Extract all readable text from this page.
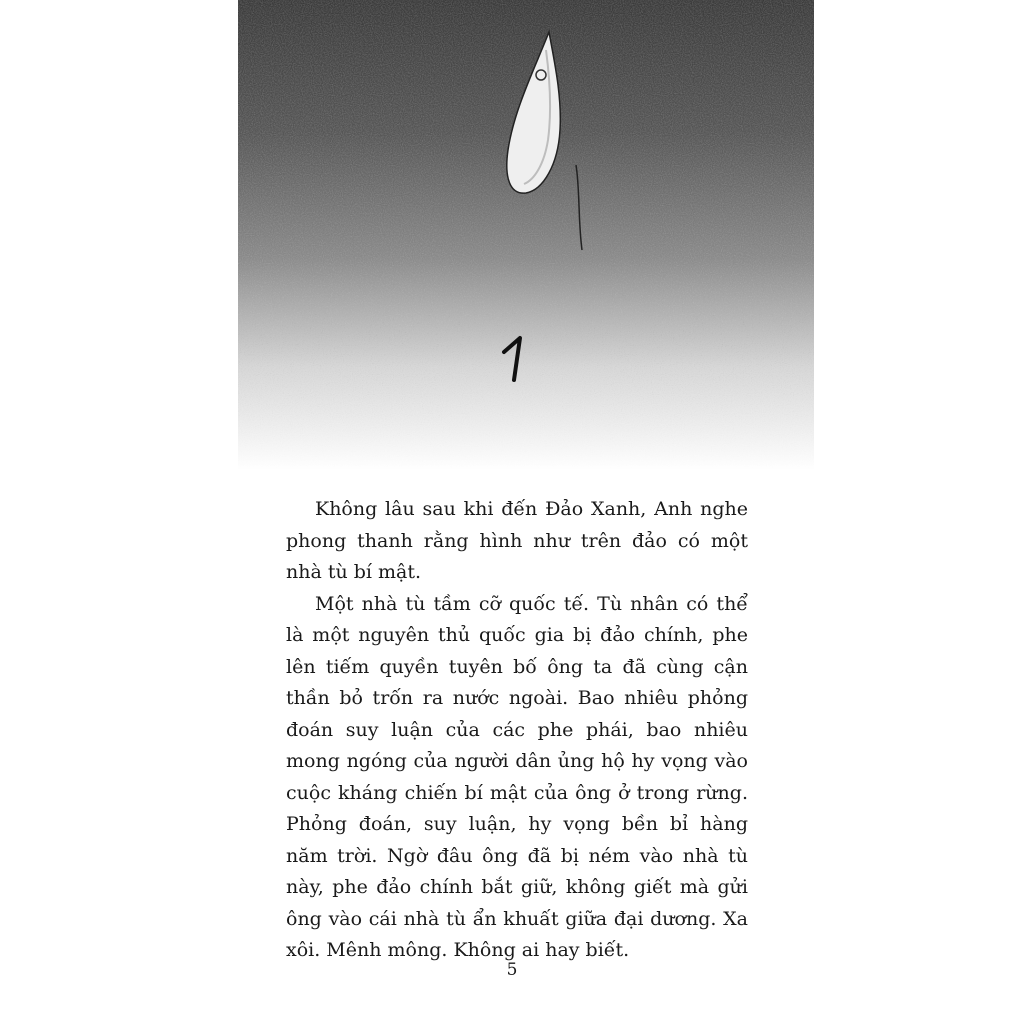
1

Không lâu sau khi đến Đảo Xanh, Anh nghe phong thanh rằng hình như trên đảo có một nhà tù bí mật.

Một nhà tù tầm cỡ quốc tế. Tù nhân có thể là một nguyên thủ quốc gia bị đảo chính, phe lên tiếm quyền tuyên bố ông ta đã cùng cận thần bỏ trốn ra nước ngoài. Bao nhiêu phỏng đoán suy luận của các phe phái, bao nhiêu mong ngóng của người dân ủng hộ hy vọng vào cuộc kháng chiến bí mật của ông ở trong rừng. Phỏng đoán, suy luận, hy vọng bền bỉ hàng năm trời. Ngờ đâu ông đã bị ném vào nhà tù này, phe đảo chính bắt giữ, không giết mà gửi ông vào cái nhà tù ẩn khuất giữa đại dương. Xa xôi. Mênh mông. Không ai hay biết.

5
